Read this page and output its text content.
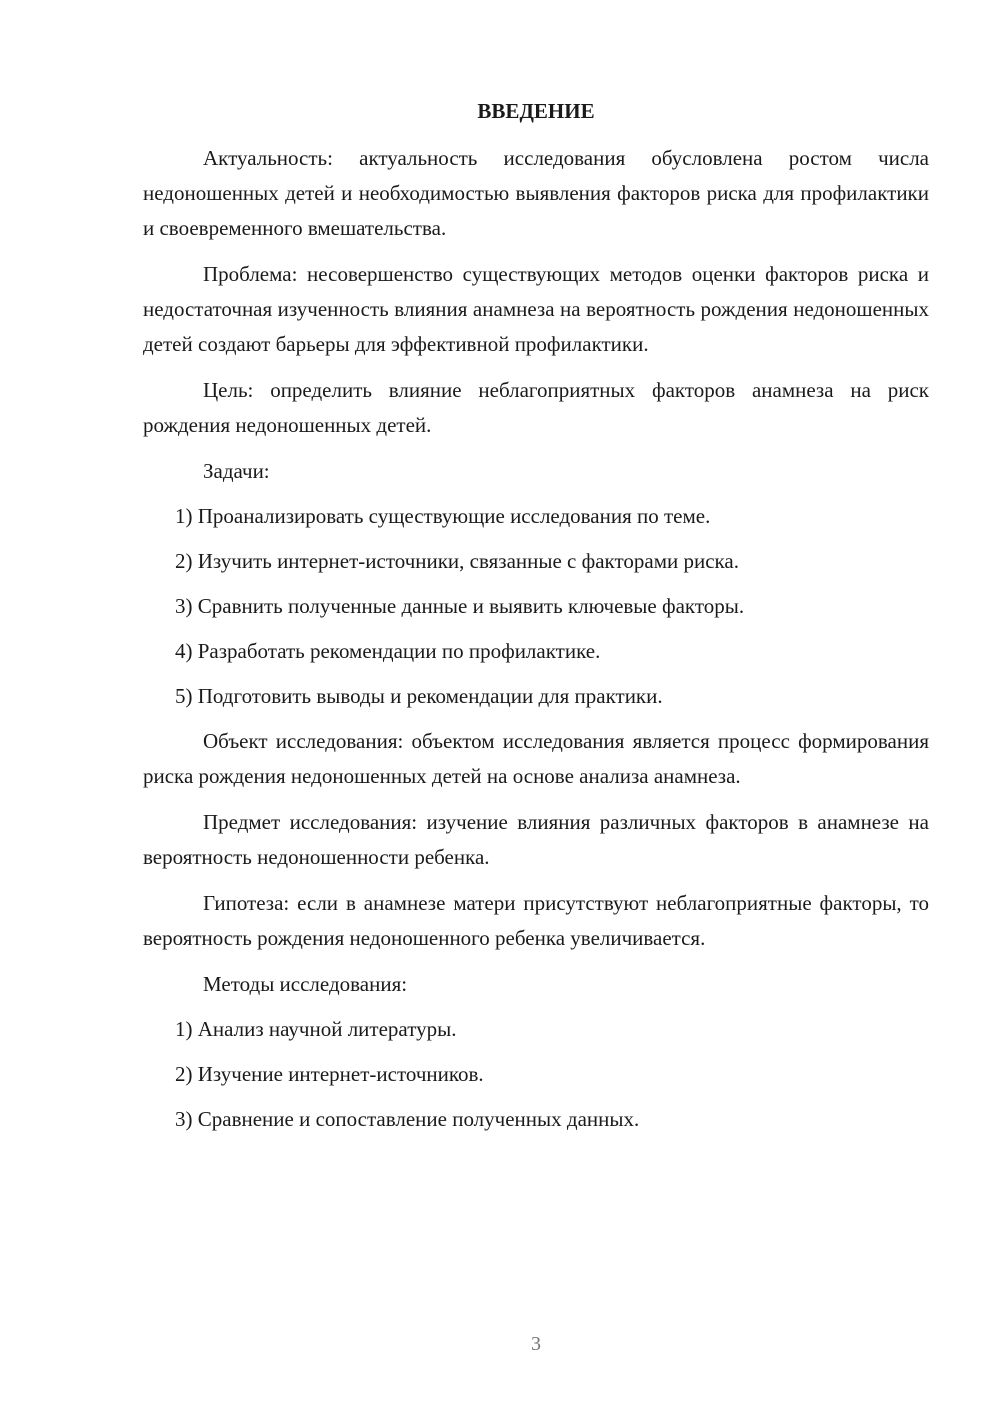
ВВЕДЕНИЕ

Актуальность: актуальность исследования обусловлена ростом числа недоношенных детей и необходимостью выявления факторов риска для профилактики и своевременного вмешательства.

Проблема: несовершенство существующих методов оценки факторов риска и недостаточная изученность влияния анамнеза на вероятность рождения недоношенных детей создают барьеры для эффективной профилактики.

Цель: определить влияние неблагоприятных факторов анамнеза на риск рождения недоношенных детей.

Задачи:

1) Проанализировать существующие исследования по теме.
2) Изучить интернет-источники, связанные с факторами риска.
3) Сравнить полученные данные и выявить ключевые факторы.
4) Разработать рекомендации по профилактике.
5) Подготовить выводы и рекомендации для практики.

Объект исследования: объектом исследования является процесс формирования риска рождения недоношенных детей на основе анализа анамнеза.

Предмет исследования: изучение влияния различных факторов в анамнезе на вероятность недоношенности ребенка.

Гипотеза: если в анамнезе матери присутствуют неблагоприятные факторы, то вероятность рождения недоношенного ребенка увеличивается.

Методы исследования:

1) Анализ научной литературы.
2) Изучение интернет-источников.
3) Сравнение и сопоставление полученных данных.
3
